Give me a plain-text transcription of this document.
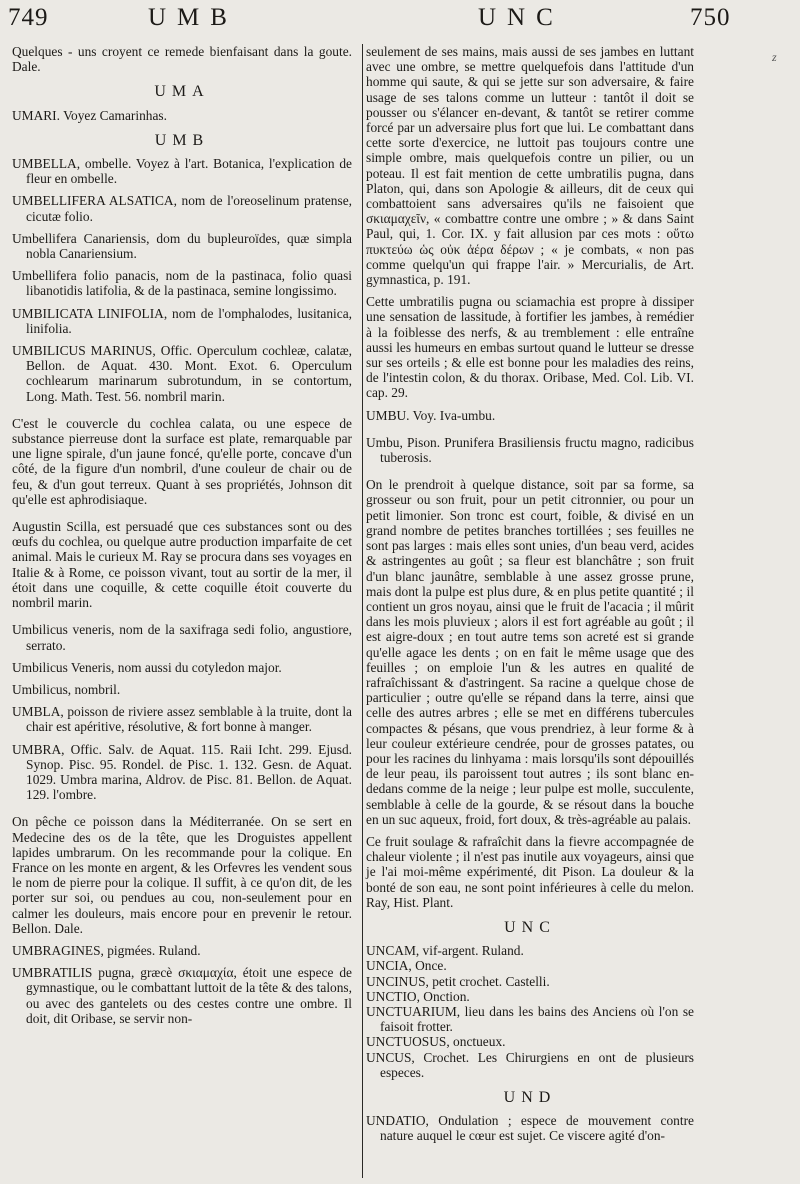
749	UMB	UNC	750
z

Quelques - uns croyent ce remede bienfaisant dans la goute. Dale.

UMA

UMARI. Voyez Camarinhas.

UMB

UMBELLA, ombelle. Voyez à l'art. Botanica, l'explication de fleur en ombelle.

UMBELLIFERA ALSATICA, nom de l'oreoselinum pratense, cicutæ folio.

Umbellifera Canariensis, dom du bupleuroïdes, quæ simpla nobla Canariensium.

Umbellifera folio panacis, nom de la pastinaca, folio quasi libanotidis latifolia, & de la pastinaca, semine longissimo.

UMBILICATA LINIFOLIA, nom de l'omphalodes, lusitanica, linifolia.

UMBILICUS MARINUS, Offic. Operculum cochleæ, calatæ, Bellon. de Aquat. 430. Mont. Exot. 6. Operculum cochlearum marinarum subrotundum, in se contortum, Long. Math. Test. 56. nombril marin.

C'est le couvercle du cochlea calata, ou une espece de substance pierreuse dont la surface est plate, remarquable par une ligne spirale, d'un jaune foncé, qu'elle porte, concave d'un côté, de la figure d'un nombril, d'une couleur de chair ou de feu, & d'un gout terreux. Quant à ses propriétés, Johnson dit qu'elle est aphrodisiaque.

Augustin Scilla, est persuadé que ces substances sont ou des œufs du cochlea, ou quelque autre production imparfaite de cet animal. Mais le curieux M. Ray se procura dans ses voyages en Italie & à Rome, ce poisson vivant, tout au sortir de la mer, il étoit dans une coquille, & cette coquille étoit couverte du nombril marin.

Umbilicus veneris, nom de la saxifraga sedi folio, angustiore, serrato.

Umbilicus Veneris, nom aussi du cotyledon major.

Umbilicus, nombril.

UMBLA, poisson de riviere assez semblable à la truite, dont la chair est apéritive, résolutive, & fort bonne à manger.

UMBRA, Offic. Salv. de Aquat. 115. Raii Icht. 299. Ejusd. Synop. Pisc. 95. Rondel. de Pisc. 1. 132. Gesn. de Aquat. 1029. Umbra marina, Aldrov. de Pisc. 81. Bellon. de Aquat. 129. l'ombre.

On pêche ce poisson dans la Méditerranée. On se sert en Medecine des os de la tête, que les Droguistes appellent lapides umbrarum. On les recommande pour la colique. En France on les monte en argent, & les Orfevres les vendent sous le nom de pierre pour la colique. Il suffit, à ce qu'on dit, de les porter sur soi, ou pendues au cou, non-seulement pour en calmer les douleurs, mais encore pour en prevenir le retour. Bellon. Dale.

UMBRAGINES, pigmées. Ruland.

UMBRATILIS pugna, græcè σκιαμαχία, étoit une espece de gymnastique, ou le combattant luttoit de la tête & des talons, ou avec des gantelets ou des cestes contre une ombre. Il doit, dit Oribase, se servir non-

seulement de ses mains, mais aussi de ses jambes en luttant avec une ombre, se mettre quelquefois dans l'attitude d'un homme qui saute, & qui se jette sur son adversaire, & faire usage de ses talons comme un lutteur : tantôt il doit se pousser ou s'élancer en-devant, & tantôt se retirer comme forcé par un adversaire plus fort que lui. Le combattant dans cette sorte d'exercice, ne luttoit pas toujours contre une simple ombre, mais quelquefois contre un pilier, ou un poteau. Il est fait mention de cette umbratilis pugna, dans Platon, qui, dans son Apologie & ailleurs, dit de ceux qui combattoient sans adversaires qu'ils ne faisoient que σκιαμαχεῖν, « combattre contre une ombre ; » & dans Saint Paul, qui, 1. Cor. IX. y fait allusion par ces mots : οὕτω πυκτεύω ὡς οὐκ ἀέρα δέρων ; « je combats, « non pas comme quelqu'un qui frappe l'air. » Mercurialis, de Art. gymnastica, p. 191.

Cette umbratilis pugna ou sciamachia est propre à dissiper une sensation de lassitude, à fortifier les jambes, à remédier à la foiblesse des nerfs, & au tremblement : elle entraîne aussi les humeurs en embas surtout quand le lutteur se dresse sur ses orteils ; & elle est bonne pour les maladies des reins, de l'intestin colon, & du thorax. Oribase, Med. Col. Lib. VI. cap. 29.

UMBU. Voy. Iva-umbu.

Umbu, Pison. Prunifera Brasiliensis fructu magno, radicibus tuberosis.

On le prendroit à quelque distance, soit par sa forme, sa grosseur ou son fruit, pour un petit citronnier, ou pour un petit limonier. Son tronc est court, foible, & divisé en un grand nombre de petites branches tortillées ; ses feuilles ne sont pas larges : mais elles sont unies, d'un beau verd, acides & astringentes au goût ; sa fleur est blanchâtre ; son fruit d'un blanc jaunâtre, semblable à une assez grosse prune, mais dont la pulpe est plus dure, & en plus petite quantité ; il contient un gros noyau, ainsi que le fruit de l'acacia ; il mûrit dans les mois pluvieux ; alors il est fort agréable au goût ; il est aigre-doux ; en tout autre tems son acreté est si grande qu'elle agace les dents ; on en fait le même usage que des feuilles ; on emploie l'un & les autres en qualité de rafraîchissant & d'astringent. Sa racine a quelque chose de particulier ; outre qu'elle se répand dans la terre, ainsi que celle des autres arbres ; elle se met en différens tubercules compactes & pésans, que vous prendriez, à leur forme & à leur couleur extérieure cendrée, pour de grosses patates, ou pour les racines du linhyama : mais lorsqu'ils sont dépouillés de leur peau, ils paroissent tout autres ; ils sont blanc en-dedans comme de la neige ; leur pulpe est molle, succulente, semblable à celle de la gourde, & se résout dans la bouche en un suc aqueux, froid, fort doux, & très-agréable au palais.

Ce fruit soulage & rafraîchit dans la fievre accompagnée de chaleur violente ; il n'est pas inutile aux voyageurs, ainsi que je l'ai moi-même expérimenté, dit Pison. La douleur & la bonté de son eau, ne sont point inférieures à celle du melon. Ray, Hist. Plant.

UNC

UNCAM, vif-argent. Ruland.

UNCIA, Once.

UNCINUS, petit crochet. Castelli.

UNCTIO, Onction.

UNCTUARIUM, lieu dans les bains des Anciens où l'on se faisoit frotter.

UNCTUOSUS, onctueux.

UNCUS, Crochet. Les Chirurgiens en ont de plusieurs especes.

UND

UNDATIO, Ondulation ; espece de mouvement contre nature auquel le cœur est sujet. Ce viscere agité d'on-
